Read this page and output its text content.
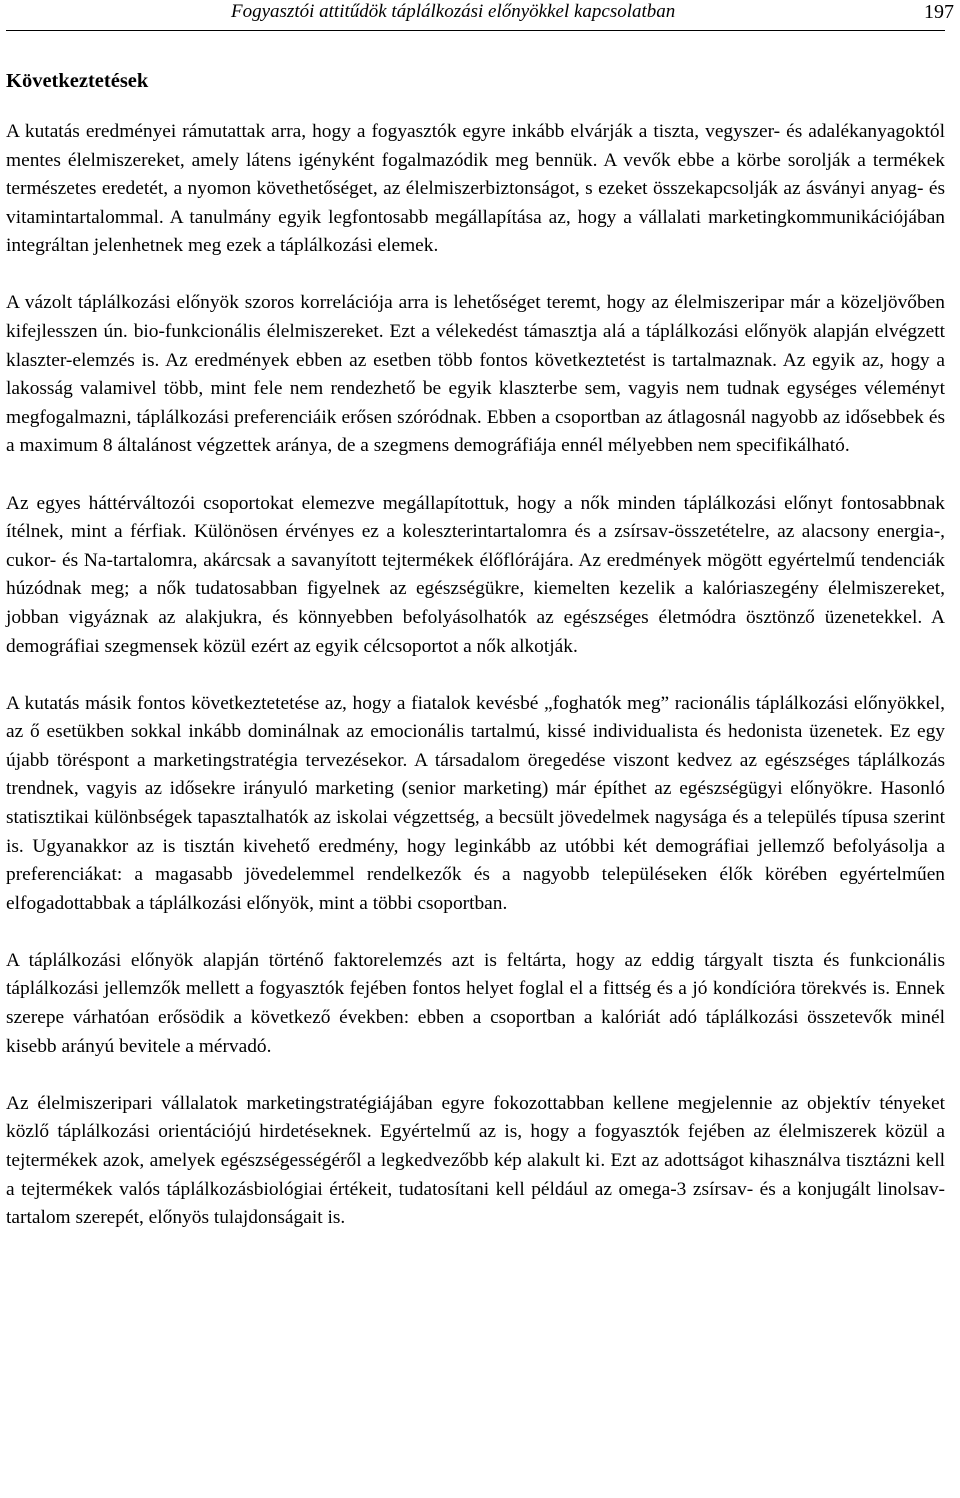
Fogyasztói attitűdök táplálkozási előnyökkel kapcsolatban	197
Következtetések

A kutatás eredményei rámutattak arra, hogy a fogyasztók egyre inkább elvárják a tiszta, vegyszer- és adalékanyagoktól mentes élelmiszereket, amely látens igényként fogalmazódik meg bennük. A vevők ebbe a körbe sorolják a termékek természetes eredetét, a nyomon követhetőséget, az élelmiszerbiztonságot, s ezeket összekapcsolják az ásványi anyag- és vitamintartalommal. A tanulmány egyik legfontosabb megállapítása az, hogy a vállalati marketingkommunikációjában integráltan jelenhetnek meg ezek a táplálkozási elemek.

A vázolt táplálkozási előnyök szoros korrelációja arra is lehetőséget teremt, hogy az élelmiszeripar már a közeljövőben kifejlesszen ún. bio-funkcionális élelmiszereket. Ezt a vélekedést támasztja alá a táplálkozási előnyök alapján elvégzett klaszter-elemzés is. Az eredmények ebben az esetben több fontos következtetést is tartalmaznak. Az egyik az, hogy a lakosság valamivel több, mint fele nem rendezhető be egyik klaszterbe sem, vagyis nem tudnak egységes véleményt megfogalmazni, táplálkozási preferenciáik erősen szóródnak. Ebben a csoportban az átlagosnál nagyobb az idősebbek és a maximum 8 általánost végzettek aránya, de a szegmens demográfiája ennél mélyebben nem specifikálható.

Az egyes háttérváltozói csoportokat elemezve megállapítottuk, hogy a nők minden táplálkozási előnyt fontosabbnak ítélnek, mint a férfiak. Különösen érvényes ez a koleszterintartalomra és a zsírsav-összetételre, az alacsony energia-, cukor- és Na-tartalomra, akárcsak a savanyított tejtermékek élőflórájára. Az eredmények mögött egyértelmű tendenciák húzódnak meg; a nők tudatosabban figyelnek az egészségükre, kiemelten kezelik a kalóriaszegény élelmiszereket, jobban vigyáznak az alakjukra, és könnyebben befolyásolhatók az egészséges életmódra ösztönző üzenetekkel. A demográfiai szegmensek közül ezért az egyik célcsoportot a nők alkotják.

A kutatás másik fontos következtetetése az, hogy a fiatalok kevésbé „foghatók meg” racionális táplálkozási előnyökkel, az ő esetükben sokkal inkább dominálnak az emocionális tartalmú, kissé individualista és hedonista üzenetek. Ez egy újabb töréspont a marketingstratégia tervezésekor. A társadalom öregedése viszont kedvez az egészséges táplálkozás trendnek, vagyis az idősekre irányuló marketing (senior marketing) már építhet az egészségügyi előnyökre. Hasonló statisztikai különbségek tapasztalhatók az iskolai végzettség, a becsült jövedelmek nagysága és a település típusa szerint is. Ugyanakkor az is tisztán kivehető eredmény, hogy leginkább az utóbbi két demográfiai jellemző befolyásolja a preferenciákat: a magasabb jövedelemmel rendelkezők és a nagyobb településeken élők körében egyértelműen elfogadottabbak a táplálkozási előnyök, mint a többi csoportban.

A táplálkozási előnyök alapján történő faktorelemzés azt is feltárta, hogy az eddig tárgyalt tiszta és funkcionális táplálkozási jellemzők mellett a fogyasztók fejében fontos helyet foglal el a fittség és a jó kondícióra törekvés is. Ennek szerepe várhatóan erősödik a következő években: ebben a csoportban a kalóriát adó táplálkozási összetevők minél kisebb arányú bevitele a mérvadó.

Az élelmiszeripari vállalatok marketingstratégiájában egyre fokozottabban kellene megjelennie az objektív tényeket közlő táplálkozási orientációjú hirdetéseknek. Egyértelmű az is, hogy a fogyasztók fejében az élelmiszerek közül a tejtermékek azok, amelyek egészségességéről a legkedvezőbb kép alakult ki. Ezt az adottságot kihasználva tisztázni kell a tejtermékek valós táplálkozásbiológiai értékeit, tudatosítani kell például az omega-3 zsírsav- és a konjugált linolsav-tartalom szerepét, előnyös tulajdonságait is.
